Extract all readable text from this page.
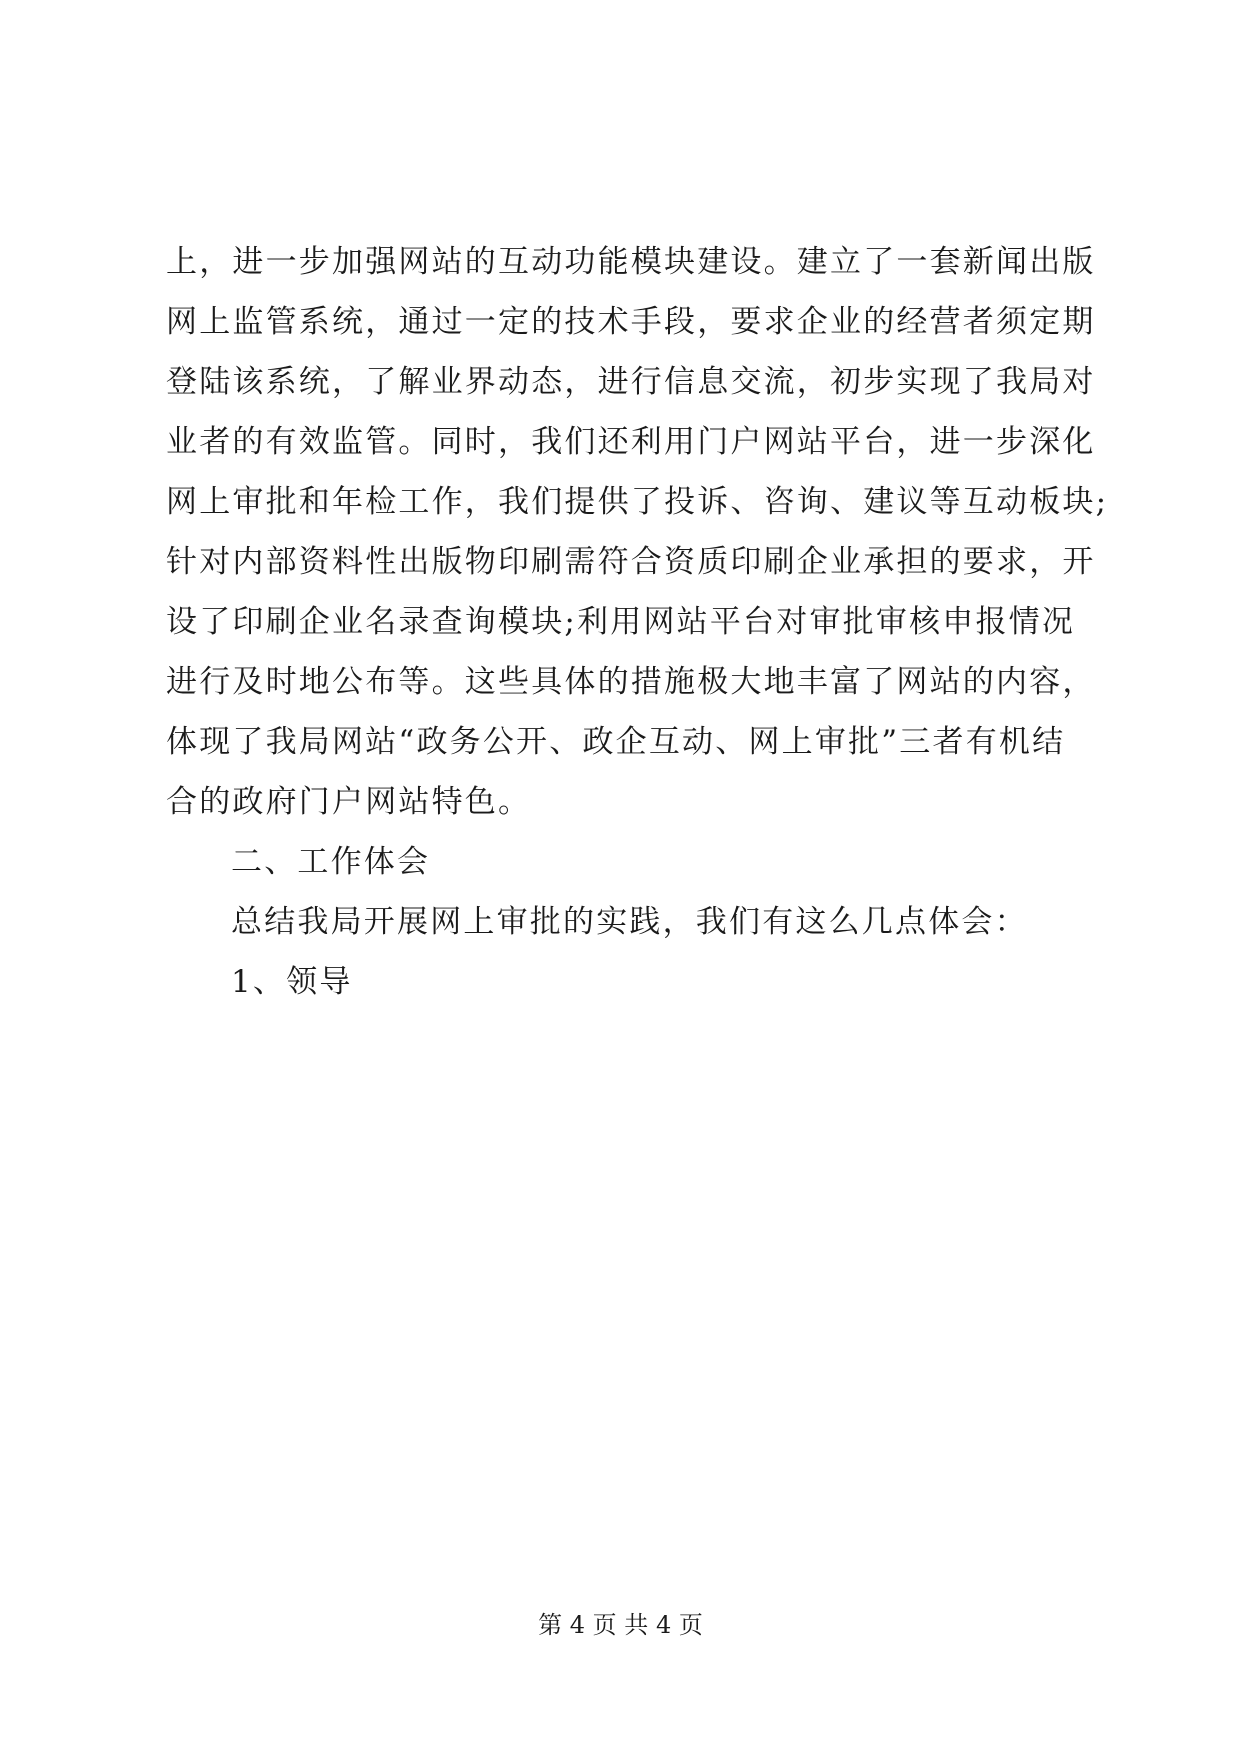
上，进一步加强网站的互动功能模块建设。建立了一套新闻出版
网上监管系统，通过一定的技术手段，要求企业的经营者须定期
登陆该系统，了解业界动态，进行信息交流，初步实现了我局对
业者的有效监管。同时，我们还利用门户网站平台，进一步深化
网上审批和年检工作，我们提供了投诉、咨询、建议等互动板块;
针对内部资料性出版物印刷需符合资质印刷企业承担的要求，开
设了印刷企业名录查询模块;利用网站平台对审批审核申报情况
进行及时地公布等。这些具体的措施极大地丰富了网站的内容，
体现了我局网站“政务公开、政企互动、网上审批”三者有机结
合的政府门户网站特色。
二、工作体会
总结我局开展网上审批的实践，我们有这么几点体会：
1、领导
第 4 页 共 4 页
